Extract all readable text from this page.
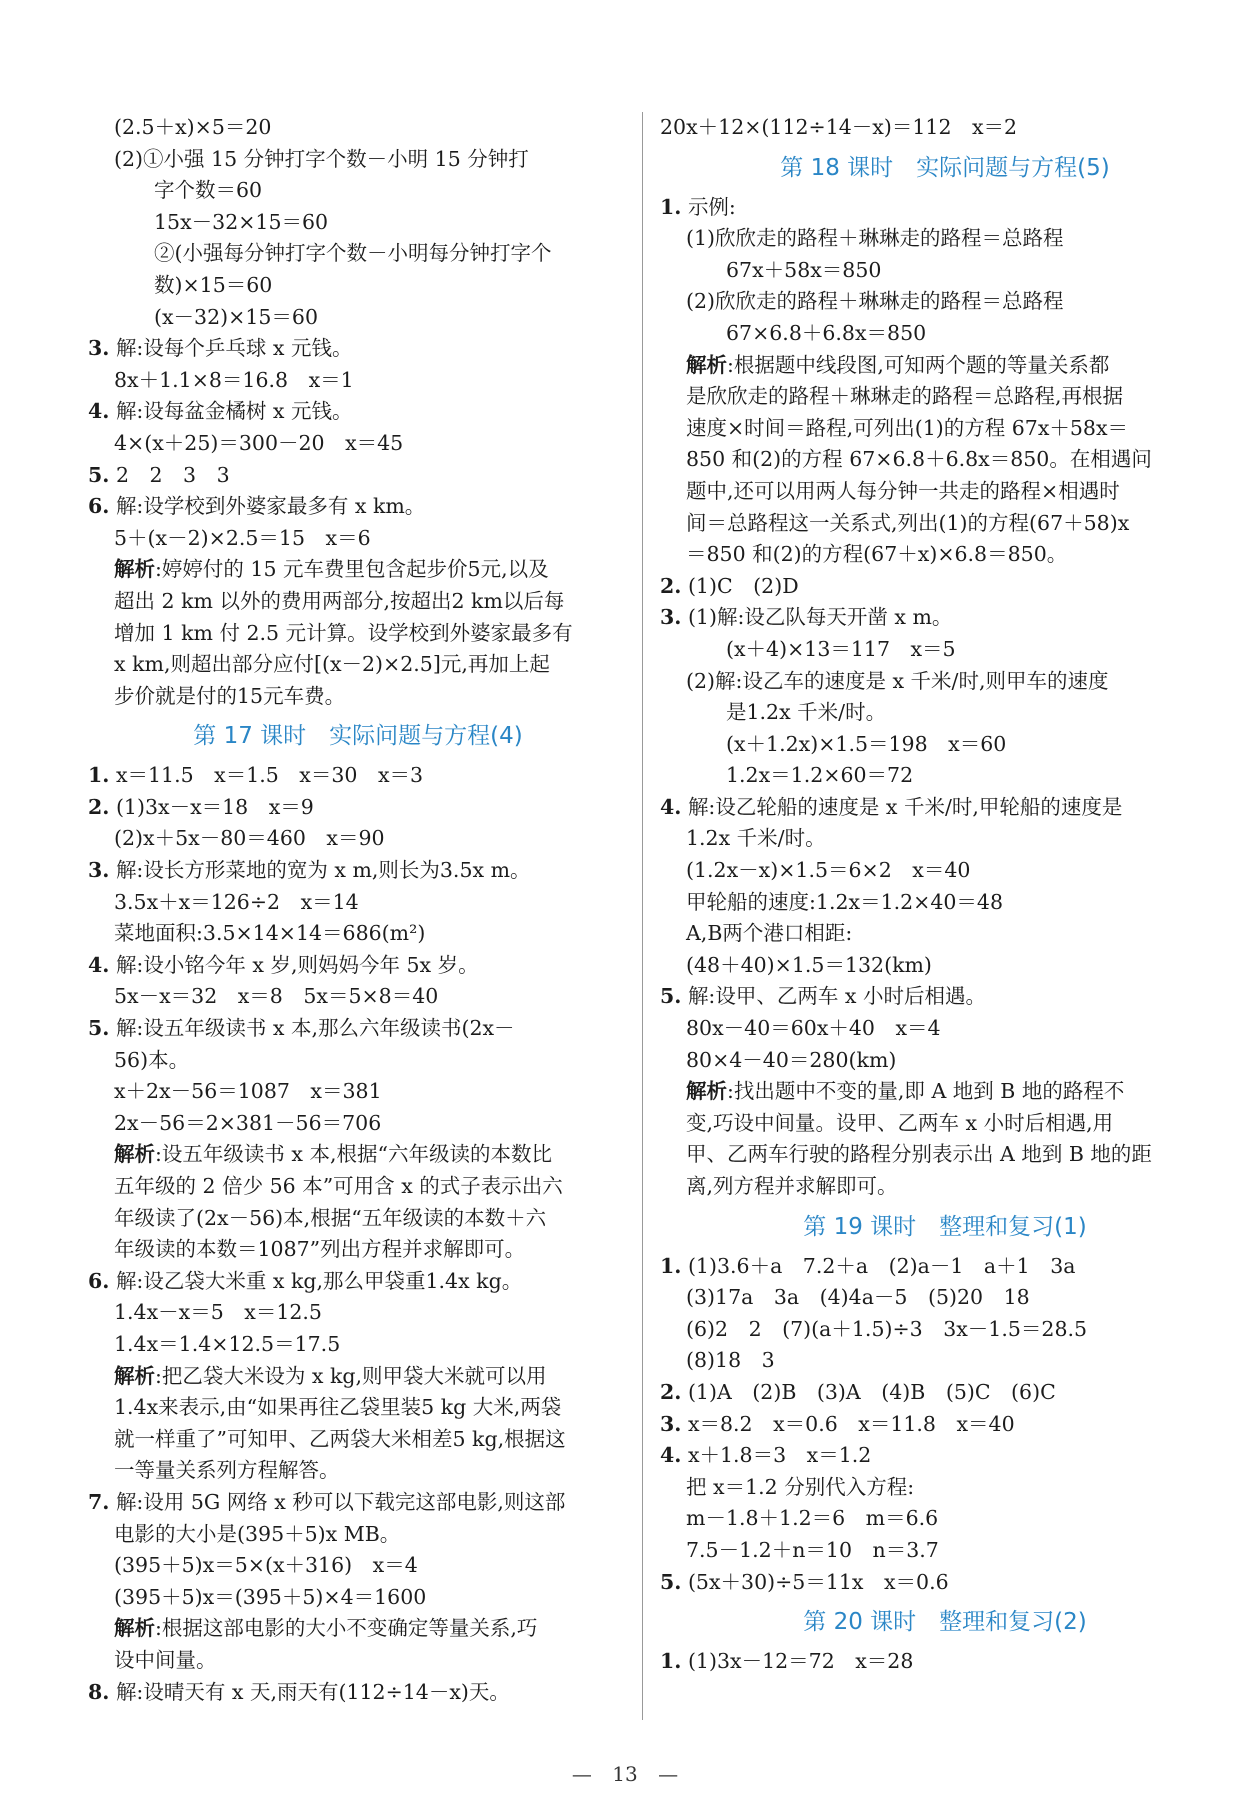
(2.5＋x)×5＝20
(2)①小强 15 分钟打字个数－小明 15 分钟打
字个数＝60
15x－32×15＝60
②(小强每分钟打字个数－小明每分钟打字个
数)×15＝60
(x－32)×15＝60
3. 解:设每个乒乓球 x 元钱。
8x＋1.1×8＝16.8　x＝1
4. 解:设每盆金橘树 x 元钱。
4×(x＋25)＝300－20　x＝45
5. 2　2　3　3
6. 解:设学校到外婆家最多有 x km。
5＋(x－2)×2.5＝15　x＝6
解析:婷婷付的 15 元车费里包含起步价5元,以及
超出 2 km 以外的费用两部分,按超出2 km以后每
增加 1 km 付 2.5 元计算。设学校到外婆家最多有
x km,则超出部分应付[(x－2)×2.5]元,再加上起
步价就是付的15元车费。
第 17 课时　实际问题与方程(4)
1. x＝11.5　x＝1.5　x＝30　x＝3
2. (1)3x－x＝18　x＝9
(2)x＋5x－80＝460　x＝90
3. 解:设长方形菜地的宽为 x m,则长为3.5x m。
3.5x＋x＝126÷2　x＝14
菜地面积:3.5×14×14＝686(m²)
4. 解:设小铭今年 x 岁,则妈妈今年 5x 岁。
5x－x＝32　x＝8　5x＝5×8＝40
5. 解:设五年级读书 x 本,那么六年级读书(2x－
56)本。
x＋2x－56＝1087　x＝381
2x－56＝2×381－56＝706
解析:设五年级读书 x 本,根据“六年级读的本数比
五年级的 2 倍少 56 本”可用含 x 的式子表示出六
年级读了(2x－56)本,根据“五年级读的本数＋六
年级读的本数＝1087”列出方程并求解即可。
6. 解:设乙袋大米重 x kg,那么甲袋重1.4x kg。
1.4x－x＝5　x＝12.5
1.4x＝1.4×12.5＝17.5
解析:把乙袋大米设为 x kg,则甲袋大米就可以用
1.4x来表示,由“如果再往乙袋里装5 kg 大米,两袋
就一样重了”可知甲、乙两袋大米相差5 kg,根据这
一等量关系列方程解答。
7. 解:设用 5G 网络 x 秒可以下载完这部电影,则这部
电影的大小是(395＋5)x MB。
(395＋5)x＝5×(x＋316)　x＝4
(395＋5)x＝(395＋5)×4＝1600
解析:根据这部电影的大小不变确定等量关系,巧
设中间量。
8. 解:设晴天有 x 天,雨天有(112÷14－x)天。
20x＋12×(112÷14－x)＝112　x＝2
第 18 课时　实际问题与方程(5)
1. 示例:
(1)欣欣走的路程＋琳琳走的路程＝总路程
67x＋58x＝850
(2)欣欣走的路程＋琳琳走的路程＝总路程
67×6.8＋6.8x＝850
解析:根据题中线段图,可知两个题的等量关系都
是欣欣走的路程＋琳琳走的路程＝总路程,再根据
速度×时间＝路程,可列出(1)的方程 67x＋58x＝
850 和(2)的方程 67×6.8＋6.8x＝850。在相遇问
题中,还可以用两人每分钟一共走的路程×相遇时
间＝总路程这一关系式,列出(1)的方程(67＋58)x
＝850 和(2)的方程(67＋x)×6.8＝850。
2. (1)C　(2)D
3. (1)解:设乙队每天开凿 x m。
(x＋4)×13＝117　x＝5
(2)解:设乙车的速度是 x 千米/时,则甲车的速度
是1.2x 千米/时。
(x＋1.2x)×1.5＝198　x＝60
1.2x＝1.2×60＝72
4. 解:设乙轮船的速度是 x 千米/时,甲轮船的速度是
1.2x 千米/时。
(1.2x－x)×1.5＝6×2　x＝40
甲轮船的速度:1.2x＝1.2×40＝48
A,B两个港口相距:
(48＋40)×1.5＝132(km)
5. 解:设甲、乙两车 x 小时后相遇。
80x－40＝60x＋40　x＝4
80×4－40＝280(km)
解析:找出题中不变的量,即 A 地到 B 地的路程不
变,巧设中间量。设甲、乙两车 x 小时后相遇,用
甲、乙两车行驶的路程分别表示出 A 地到 B 地的距
离,列方程并求解即可。
第 19 课时　整理和复习(1)
1. (1)3.6＋a　7.2＋a　(2)a－1　a＋1　3a
(3)17a　3a　(4)4a－5　(5)20　18
(6)2　2　(7)(a＋1.5)÷3　3x－1.5＝28.5
(8)18　3
2. (1)A　(2)B　(3)A　(4)B　(5)C　(6)C
3. x＝8.2　x＝0.6　x＝11.8　x＝40
4. x＋1.8＝3　x＝1.2
把 x＝1.2 分别代入方程:
m－1.8＋1.2＝6　m＝6.6
7.5－1.2＋n＝10　n＝3.7
5. (5x＋30)÷5＝11x　x＝0.6
第 20 课时　整理和复习(2)
1. (1)3x－12＝72　x＝28
— 13 —
